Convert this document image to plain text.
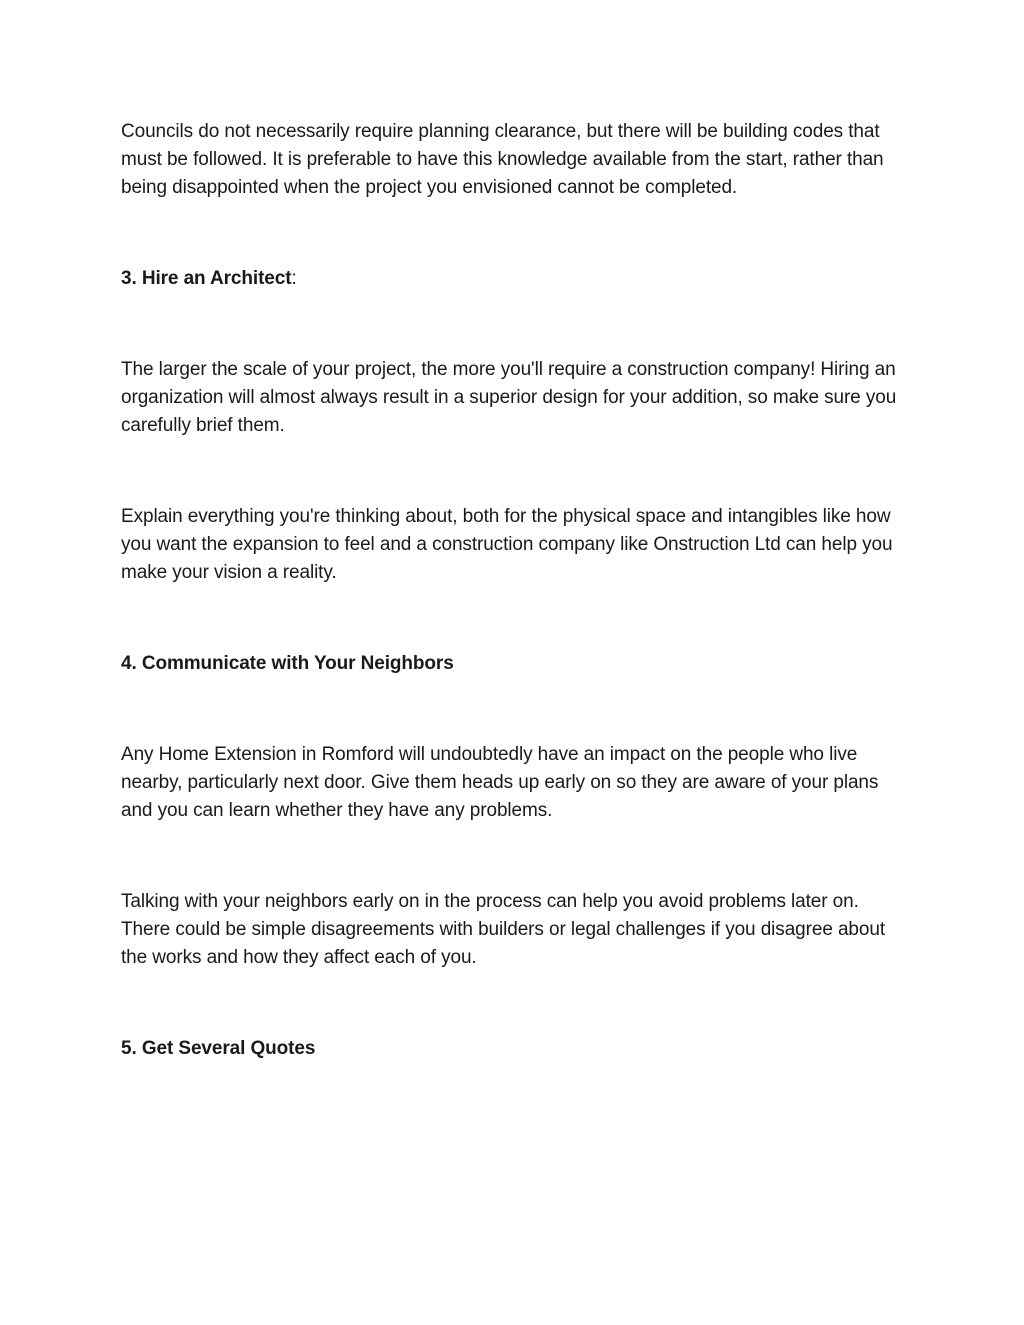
Councils do not necessarily require planning clearance, but there will be building codes that must be followed. It is preferable to have this knowledge available from the start, rather than being disappointed when the project you envisioned cannot be completed.

3. Hire an Architect:

The larger the scale of your project, the more you'll require a construction company! Hiring an organization will almost always result in a superior design for your addition, so make sure you carefully brief them.

Explain everything you're thinking about, both for the physical space and intangibles like how you want the expansion to feel and a construction company like Onstruction Ltd can help you make your vision a reality.

4. Communicate with Your Neighbors

Any Home Extension in Romford will undoubtedly have an impact on the people who live nearby, particularly next door. Give them heads up early on so they are aware of your plans and you can learn whether they have any problems.

Talking with your neighbors early on in the process can help you avoid problems later on. There could be simple disagreements with builders or legal challenges if you disagree about the works and how they affect each of you.

5. Get Several Quotes
